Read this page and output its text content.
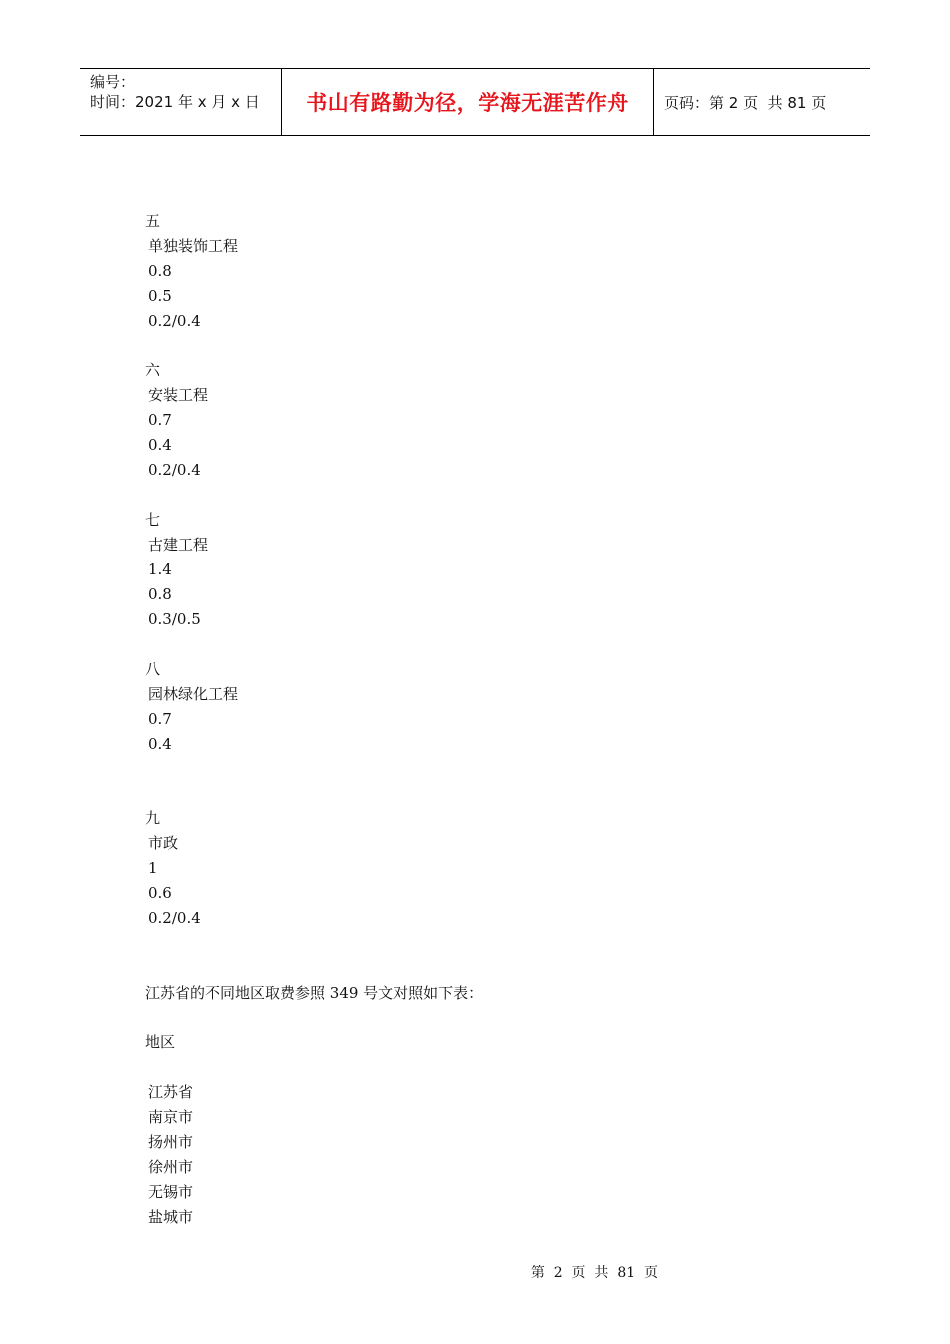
编号：
时间：2021 年 x 月 x 日	书山有路勤为径，学海无涯苦作舟	页码：第 2 页  共 81 页
五
单独装饰工程
0.8
0.5
0.2/0.4
六
安装工程
0.7
0.4
0.2/0.4
七
古建工程
1.4
0.8
0.3/0.5
八
园林绿化工程
0.7
0.4
九
市政
1
0.6
0.2/0.4
江苏省的不同地区取费参照 349 号文对照如下表：
地区
江苏省
南京市
扬州市
徐州市
无锡市
盐城市

第  2  页  共  81  页
